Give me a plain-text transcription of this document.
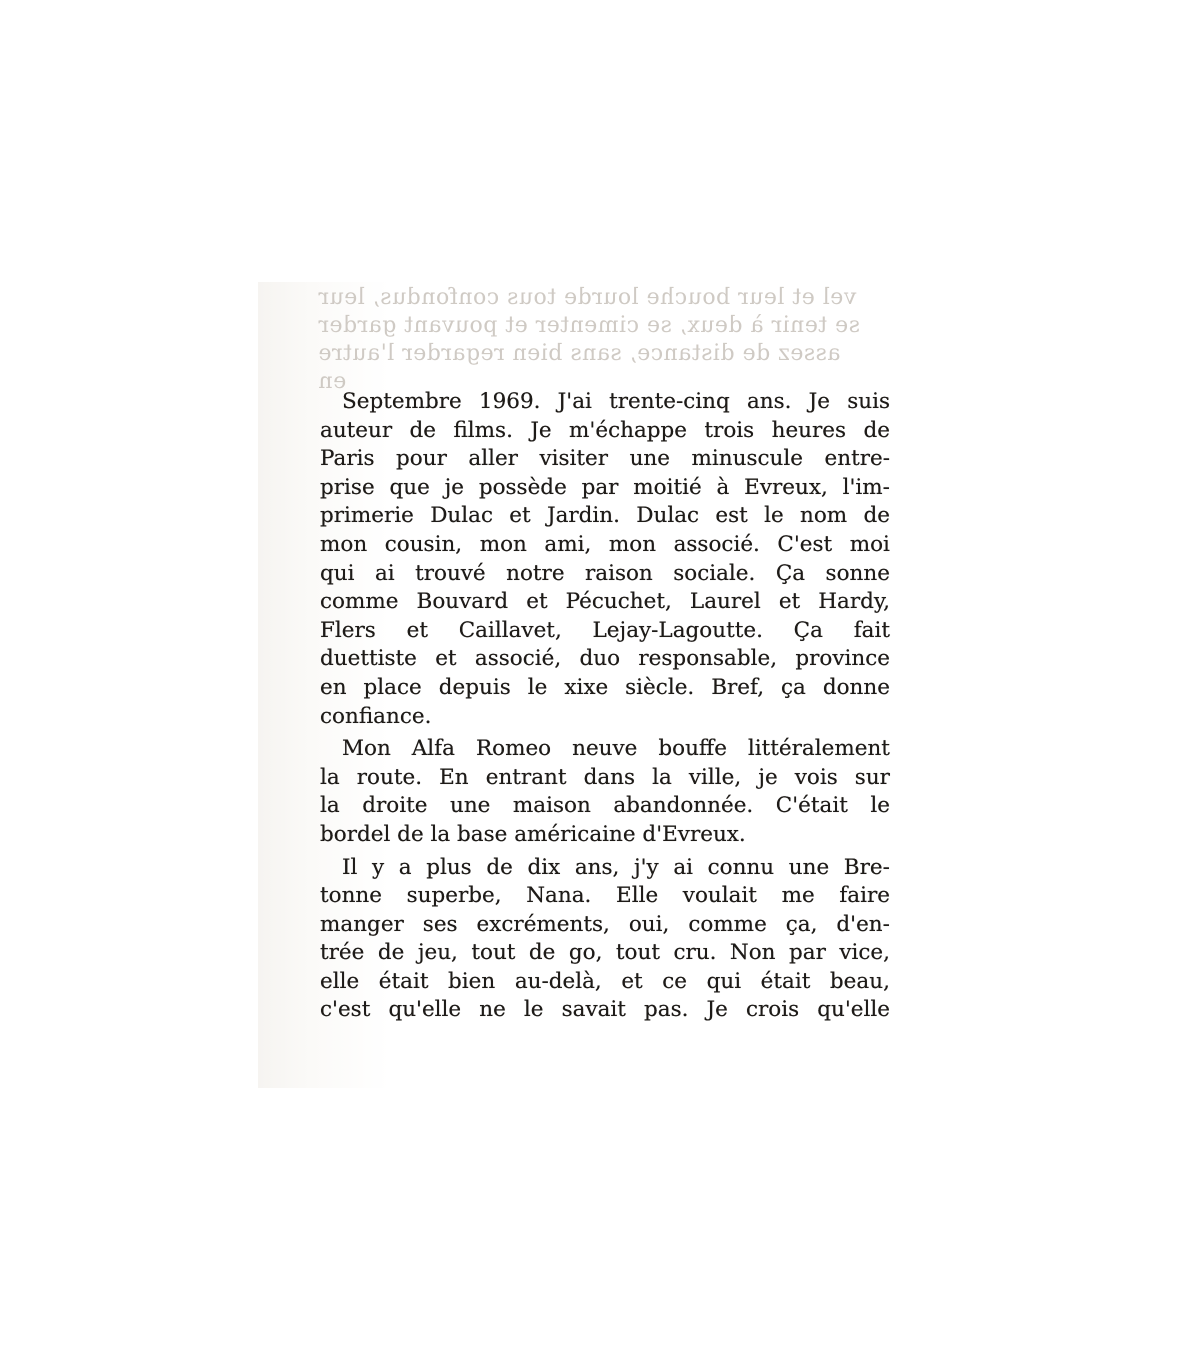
vel et leur bouche lourde tous confondus, leur
se tenir à deux, se cimenter et pouvant garder
assez de distance, sans bien regarder l'autre
en
Septembre 1969. J'ai trente-cinq ans. Je suis
auteur de films. Je m'échappe trois heures de
Paris pour aller visiter une minuscule entre-
prise que je possède par moitié à Evreux, l'im-
primerie Dulac et Jardin. Dulac est le nom de
mon cousin, mon ami, mon associé. C'est moi
qui ai trouvé notre raison sociale. Ça sonne
comme Bouvard et Pécuchet, Laurel et Hardy,
Flers et Caillavet, Lejay-Lagoutte. Ça fait
duettiste et associé, duo responsable, province
en place depuis le xixe siècle. Bref, ça donne
confiance.
Mon Alfa Romeo neuve bouffe littéralement
la route. En entrant dans la ville, je vois sur
la droite une maison abandonnée. C'était le
bordel de la base américaine d'Evreux.
Il y a plus de dix ans, j'y ai connu une Bre-
tonne superbe, Nana. Elle voulait me faire
manger ses excréments, oui, comme ça, d'en-
trée de jeu, tout de go, tout cru. Non par vice,
elle était bien au-delà, et ce qui était beau,
c'est qu'elle ne le savait pas. Je crois qu'elle
